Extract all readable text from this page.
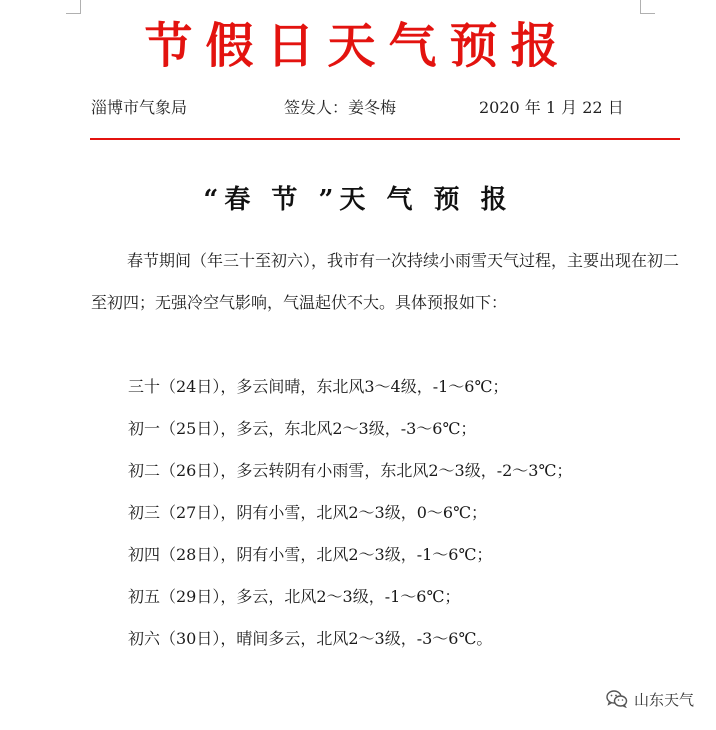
节假日天气预报
淄博市气象局	签发人：姜冬梅	2020 年 1 月 22 日
“春 节 ”天 气 预 报

春节期间（年三十至初六），我市有一次持续小雨雪天气过程，主要出现在初二至初四；无强冷空气影响，气温起伏不大。具体预报如下：

三十（24日），多云间晴，东北风3～4级，-1～6℃；
初一（25日），多云，东北风2～3级，-3～6℃；
初二（26日），多云转阴有小雨雪，东北风2～3级，-2～3℃；
初三（27日），阴有小雪，北风2～3级，0～6℃；
初四（28日），阴有小雪，北风2～3级，-1～6℃；
初五（29日），多云，北风2～3级，-1～6℃；
初六（30日），晴间多云，北风2～3级，-3～6℃。
山东天气
